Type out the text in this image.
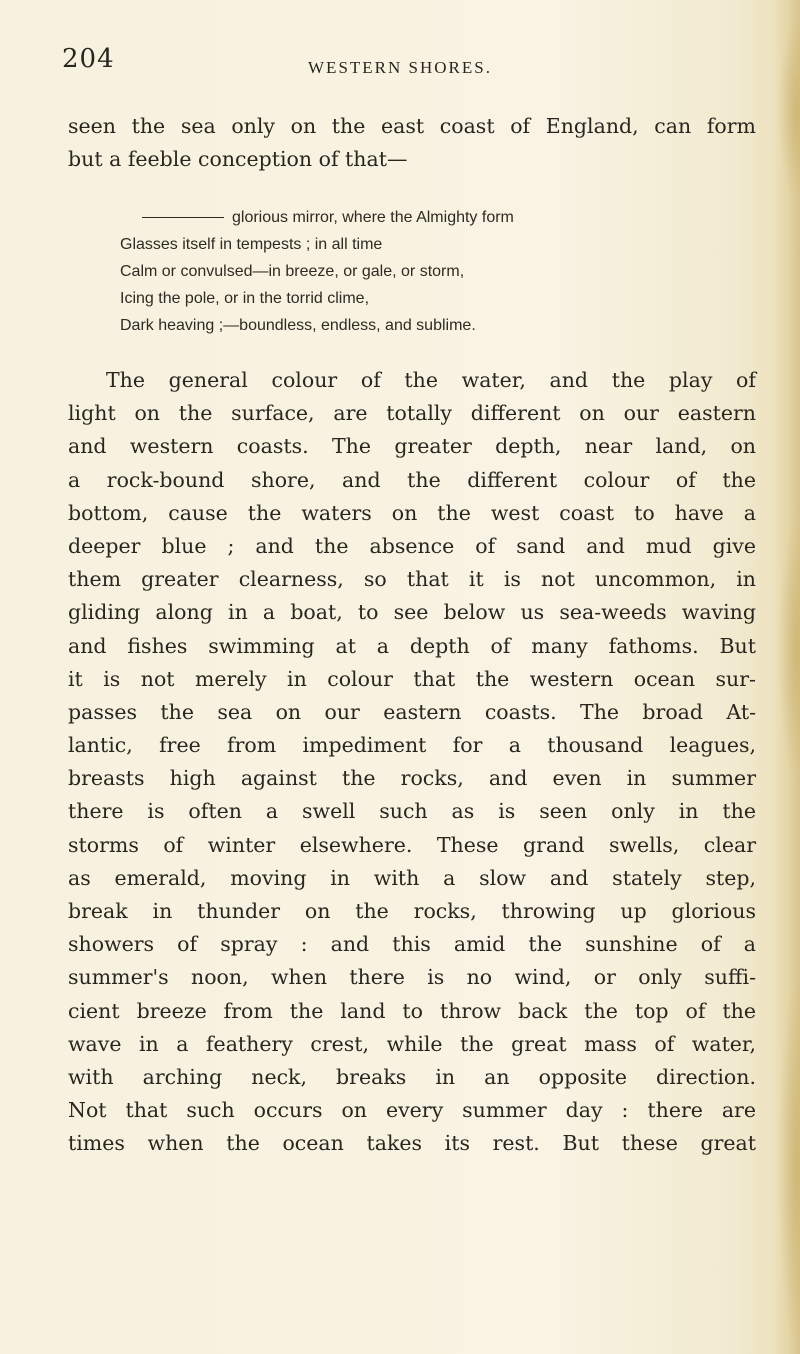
204	WESTERN SHORES.
seen the sea only on the east coast of England, can form
but a feeble conception of that—
glorious mirror, where the Almighty form
Glasses itself in tempests ; in all time
Calm or convulsed—in breeze, or gale, or storm,
Icing the pole, or in the torrid clime,
Dark heaving ;—boundless, endless, and sublime.
The general colour of the water, and the play of
light on the surface, are totally different on our eastern
and western coasts. The greater depth, near land, on
a rock-bound shore, and the different colour of the
bottom, cause the waters on the west coast to have a
deeper blue ; and the absence of sand and mud give
them greater clearness, so that it is not uncommon, in
gliding along in a boat, to see below us sea-weeds waving
and fishes swimming at a depth of many fathoms. But
it is not merely in colour that the western ocean sur-
passes the sea on our eastern coasts. The broad At-
lantic, free from impediment for a thousand leagues,
breasts high against the rocks, and even in summer
there is often a swell such as is seen only in the
storms of winter elsewhere. These grand swells, clear
as emerald, moving in with a slow and stately step,
break in thunder on the rocks, throwing up glorious
showers of spray : and this amid the sunshine of a
summer's noon, when there is no wind, or only suffi-
cient breeze from the land to throw back the top of the
wave in a feathery crest, while the great mass of water,
with arching neck, breaks in an opposite direction.
Not that such occurs on every summer day : there are
times when the ocean takes its rest. But these great
